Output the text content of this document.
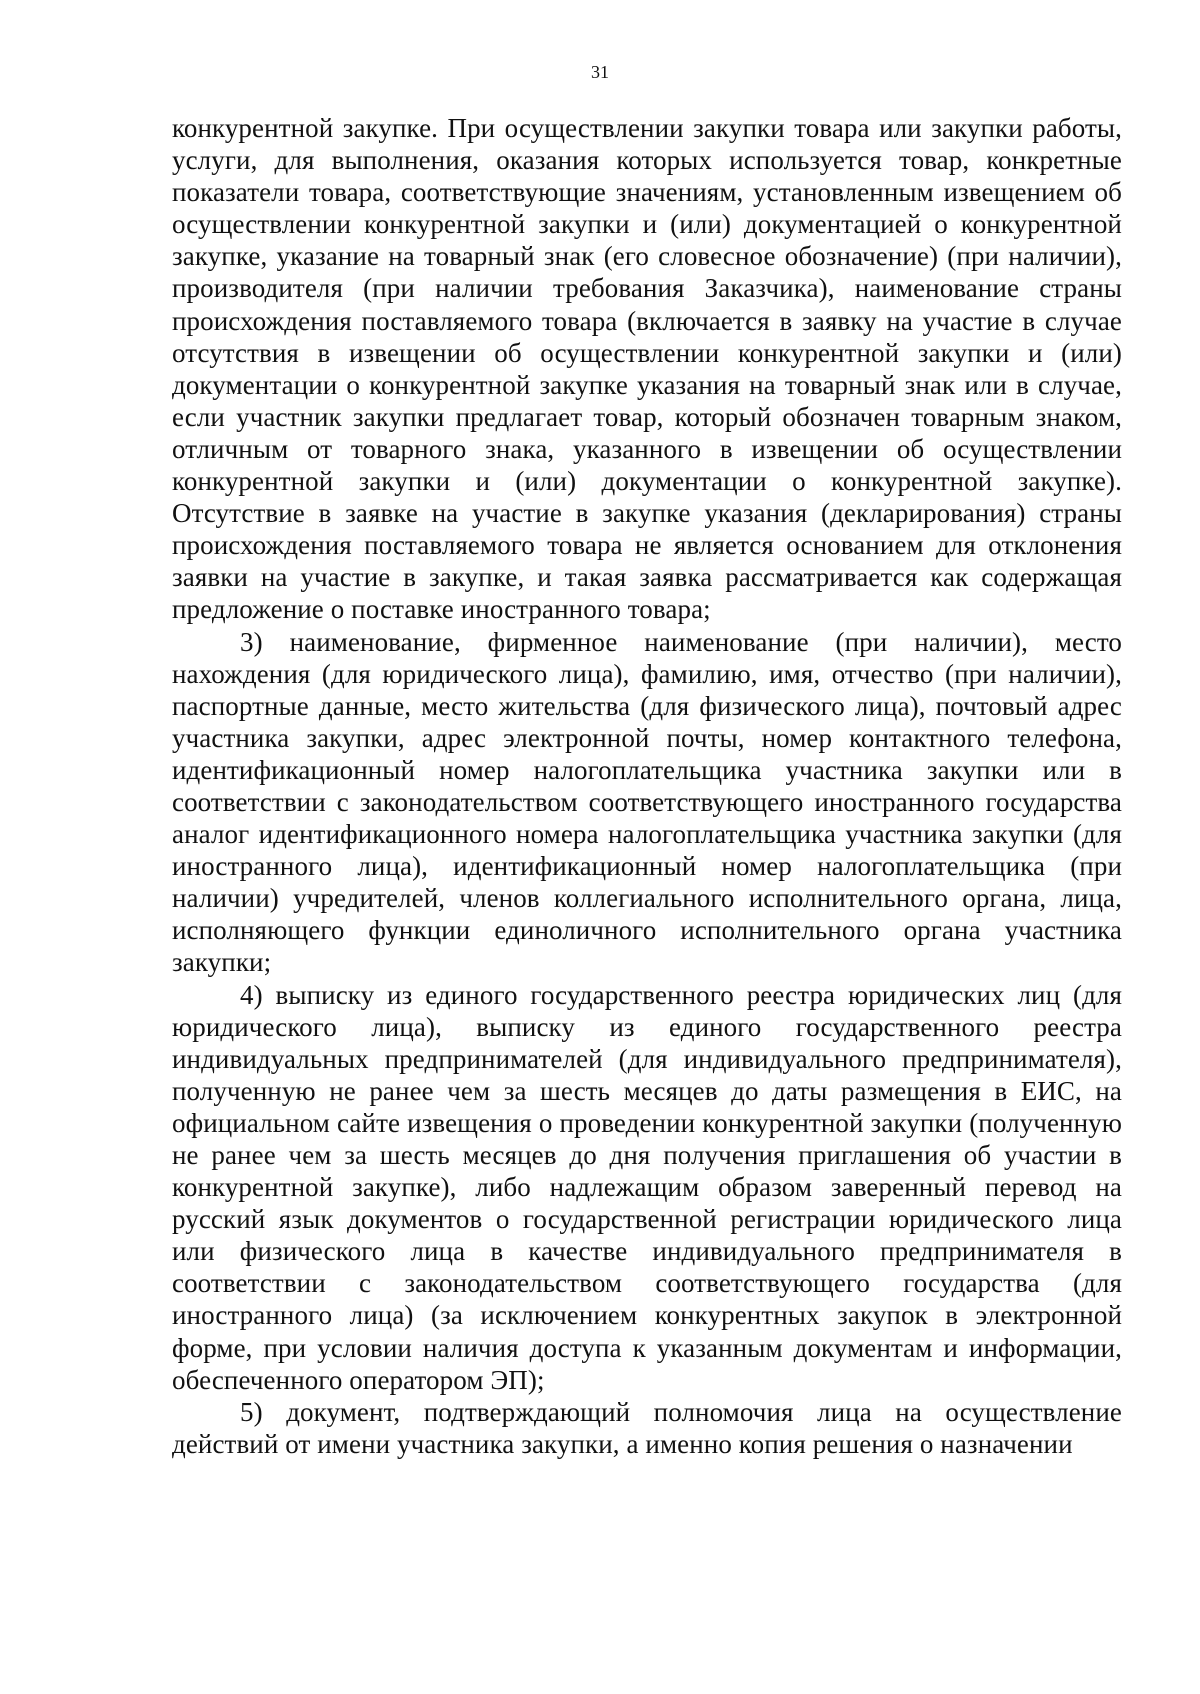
31

конкурентной закупке. При осуществлении закупки товара или закупки работы, услуги, для выполнения, оказания которых используется товар, конкретные показатели товара, соответствующие значениям, установленным извещением об осуществлении конкурентной закупки и (или) документацией о конкурентной закупке, указание на товарный знак (его словесное обозначение) (при наличии), производителя (при наличии требования Заказчика), наименование страны происхождения поставляемого товара (включается в заявку на участие в случае отсутствия в извещении об осуществлении конкурентной закупки и (или) документации о конкурентной закупке указания на товарный знак или в случае, если участник закупки предлагает товар, который обозначен товарным знаком, отличным от товарного знака, указанного в извещении об осуществлении конкурентной закупки и (или) документации о конкурентной закупке). Отсутствие в заявке на участие в закупке указания (декларирования) страны происхождения поставляемого товара не является основанием для отклонения заявки на участие в закупке, и такая заявка рассматривается как содержащая предложение о поставке иностранного товара;

3) наименование, фирменное наименование (при наличии), место нахождения (для юридического лица), фамилию, имя, отчество (при наличии), паспортные данные, место жительства (для физического лица), почтовый адрес участника закупки, адрес электронной почты, номер контактного телефона, идентификационный номер налогоплательщика участника закупки или в соответствии с законодательством соответствующего иностранного государства аналог идентификационного номера налогоплательщика участника закупки (для иностранного лица), идентификационный номер налогоплательщика (при наличии) учредителей, членов коллегиального исполнительного органа, лица, исполняющего функции единоличного исполнительного органа участника закупки;

4) выписку из единого государственного реестра юридических лиц (для юридического лица), выписку из единого государственного реестра индивидуальных предпринимателей (для индивидуального предпринимателя), полученную не ранее чем за шесть месяцев до даты размещения в ЕИС, на официальном сайте извещения о проведении конкурентной закупки (полученную не ранее чем за шесть месяцев до дня получения приглашения об участии в конкурентной закупке), либо надлежащим образом заверенный перевод на русский язык документов о государственной регистрации юридического лица или физического лица в качестве индивидуального предпринимателя в соответствии с законодательством соответствующего государства (для иностранного лица) (за исключением конкурентных закупок в электронной форме, при условии наличия доступа к указанным документам и информации, обеспеченного оператором ЭП);

5) документ, подтверждающий полномочия лица на осуществление действий от имени участника закупки, а именно копия решения о назначении
